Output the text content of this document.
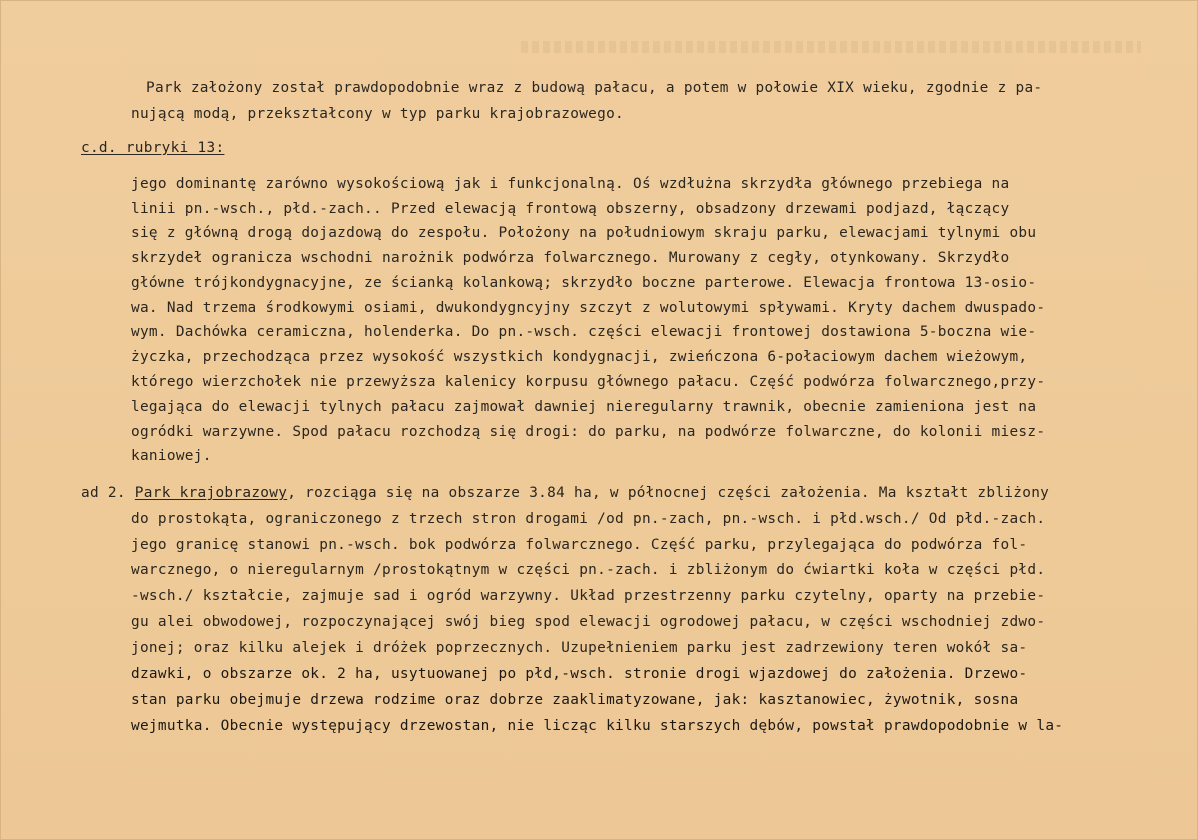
Park założony został prawdopodobnie wraz z budową pałacu, a potem w połowie XIX wieku, zgodnie z pa-
nującą modą, przekształcony w typ parku krajobrazowego.
c.d. rubryki 13:
jego dominantę zarówno wysokościową jak i funkcjonalną. Oś wzdłużna skrzydła głównego przebiega na
linii pn.-wsch., płd.-zach.. Przed elewacją frontową obszerny, obsadzony drzewami podjazd, łączący
się z główną drogą dojazdową do zespołu. Położony na południowym skraju parku, elewacjami tylnymi obu
skrzydeł ogranicza wschodni narożnik podwórza folwarcznego. Murowany z cegły, otynkowany. Skrzydło
główne trójkondygnacyjne, ze ścianką kolankową; skrzydło boczne parterowe. Elewacja frontowa 13-osio-
wa. Nad trzema środkowymi osiami, dwukondygncyjny szczyt z wolutowymi spływami. Kryty dachem dwuspado-
wym. Dachówka ceramiczna, holenderka. Do pn.-wsch. części elewacji frontowej dostawiona 5-boczna wie-
życzka, przechodząca przez wysokość wszystkich kondygnacji, zwieńczona 6-połaciowym dachem wieżowym,
którego wierzchołek nie przewyższa kalenicy korpusu głównego pałacu. Część podwórza folwarcznego,przy-
legająca do elewacji tylnych pałacu zajmował dawniej nieregularny trawnik, obecnie zamieniona jest na
ogródki warzywne. Spod pałacu rozchodzą się drogi: do parku, na podwórze folwarczne, do kolonii miesz-
kaniowej.
ad 2. Park krajobrazowy, rozciąga się na obszarze 3.84 ha, w północnej części założenia. Ma kształt zbliżony
do prostokąta, ograniczonego z trzech stron drogami /od pn.-zach, pn.-wsch. i płd.wsch./ Od płd.-zach.
jego granicę stanowi pn.-wsch. bok podwórza folwarcznego. Część parku, przylegająca do podwórza fol-
warcznego, o nieregularnym /prostokątnym w części pn.-zach. i zbliżonym do ćwiartki koła w części płd.
-wsch./ kształcie, zajmuje sad i ogród warzywny. Układ przestrzenny parku czytelny, oparty na przebie-
gu alei obwodowej, rozpoczynającej swój bieg spod elewacji ogrodowej pałacu, w części wschodniej zdwo-
jonej; oraz kilku alejek i dróżek poprzecznych. Uzupełnieniem parku jest zadrzewiony teren wokół sa-
dzawki, o obszarze ok. 2 ha, usytuowanej po płd,-wsch. stronie drogi wjazdowej do założenia. Drzewo-
stan parku obejmuje drzewa rodzime oraz dobrze zaaklimatyzowane, jak: kasztanowiec, żywotnik, sosna
wejmutka. Obecnie występujący drzewostan, nie licząc kilku starszych dębów, powstał prawdopodobnie w la-
